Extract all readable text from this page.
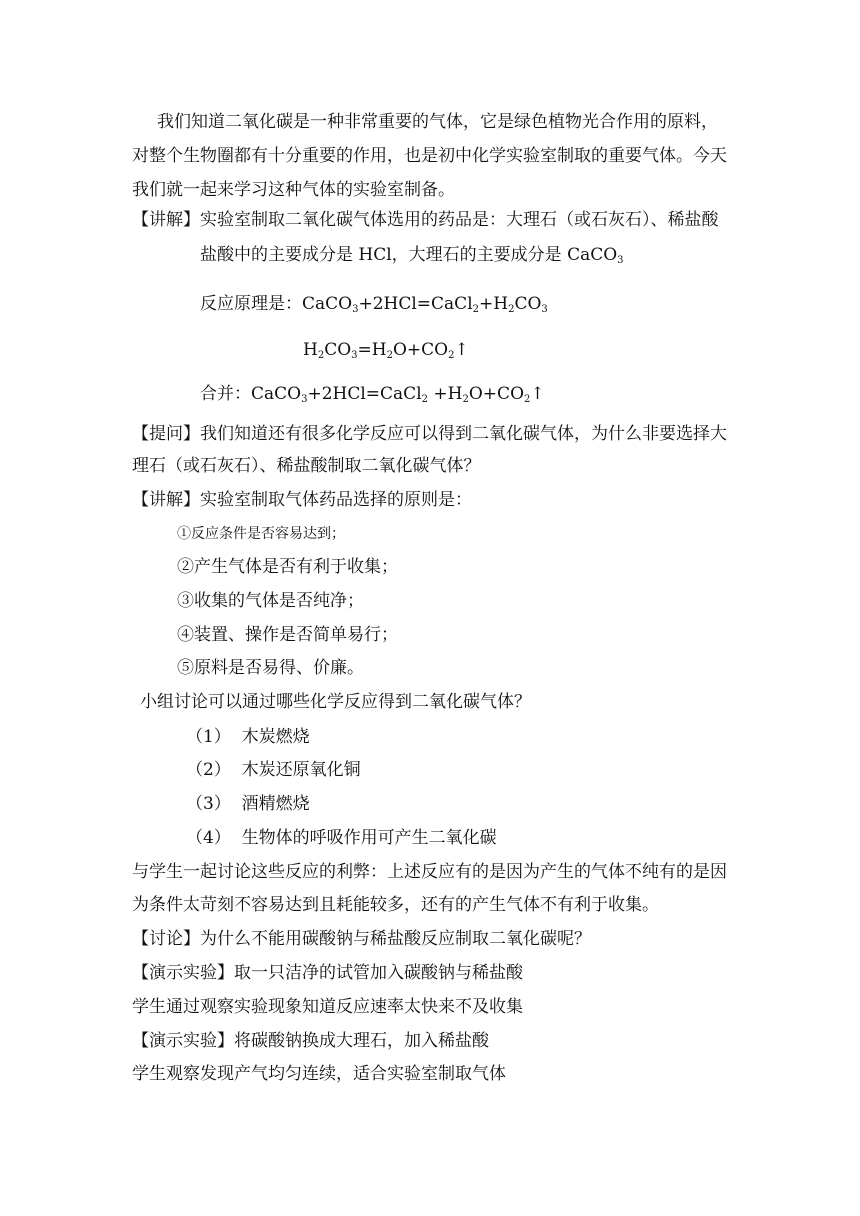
我们知道二氧化碳是一种非常重要的气体，它是绿色植物光合作用的原料，
对整个生物圈都有十分重要的作用，也是初中化学实验室制取的重要气体。今天
我们就一起来学习这种气体的实验室制备。
【讲解】实验室制取二氧化碳气体选用的药品是：大理石（或石灰石）、稀盐酸
盐酸中的主要成分是 HCl，大理石的主要成分是 CaCO$_3$
反应原理是：$CaCO_3+2HCl=CaCl_2+H_2CO_3$
$H_2CO_3=H_2O+CO_2↑$
合并：CaCO$_3$+2HCl=CaCl$_2$ $+H_2O+CO_2↑$
【提问】我们知道还有很多化学反应可以得到二氧化碳气体，为什么非要选择大
理石（或石灰石）、稀盐酸制取二氧化碳气体？
【讲解】实验室制取气体药品选择的原则是：
①反应条件是否容易达到；
②产生气体是否有利于收集；
③收集的气体是否纯净；
④装置、操作是否简单易行；
⑤原料是否易得、价廉。
小组讨论可以通过哪些化学反应得到二氧化碳气体？
（1） 木炭燃烧
（2） 木炭还原氧化铜
（3） 酒精燃烧
（4） 生物体的呼吸作用可产生二氧化碳
与学生一起讨论这些反应的利弊：上述反应有的是因为产生的气体不纯有的是因
为条件太苛刻不容易达到且耗能较多，还有的产生气体不有利于收集。
【讨论】为什么不能用碳酸钠与稀盐酸反应制取二氧化碳呢？
【演示实验】取一只洁净的试管加入碳酸钠与稀盐酸
学生通过观察实验现象知道反应速率太快来不及收集
【演示实验】将碳酸钠换成大理石，加入稀盐酸
学生观察发现产气均匀连续，适合实验室制取气体
